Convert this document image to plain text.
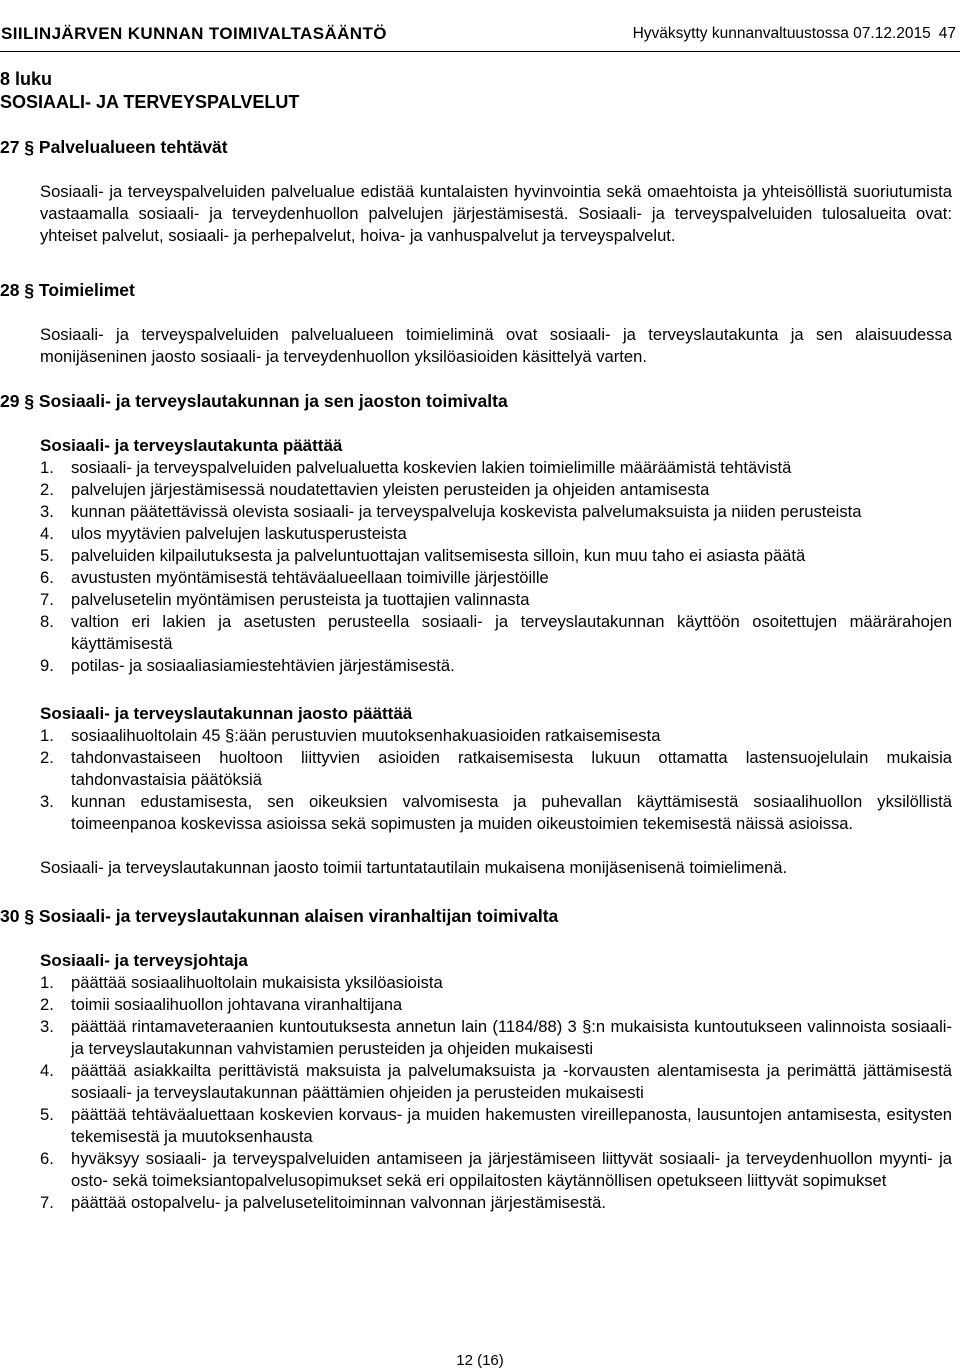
SIILINJÄRVEN KUNNAN TOIMIVALTASÄÄNTÖ	Hyväksytty kunnanvaltuustossa 07.12.2015 47
8 luku
SOSIAALI- JA TERVEYSPALVELUT
27 § Palvelualueen tehtävät

Sosiaali- ja terveyspalveluiden palvelualue edistää kuntalaisten hyvinvointia sekä omaehtoista ja yhteisöllistä suoriutumista vastaamalla sosiaali- ja terveydenhuollon palvelujen järjestämisestä. Sosiaali- ja terveyspalveluiden tulosalueita ovat: yhteiset palvelut, sosiaali- ja perhepalvelut, hoiva- ja vanhuspalvelut ja terveyspalvelut.

28 § Toimielimet

Sosiaali- ja terveyspalveluiden palvelualueen toimieliminä ovat sosiaali- ja terveyslautakunta ja sen alaisuudessa monijäseninen jaosto sosiaali- ja terveydenhuollon yksilöasioiden käsittelyä varten.

29 § Sosiaali- ja terveyslautakunnan ja sen jaoston toimivalta
Sosiaali- ja terveyslautakunta päättää
1.	sosiaali- ja terveyspalveluiden palvelualuetta koskevien lakien toimielimille määräämistä tehtävistä
2.	palvelujen järjestämisessä noudatettavien yleisten perusteiden ja ohjeiden antamisesta
3.	kunnan päätettävissä olevista sosiaali- ja terveyspalveluja koskevista palvelumaksuista ja niiden perusteista
4.	ulos myytävien palvelujen laskutusperusteista
5.	palveluiden kilpailutuksesta ja palveluntuottajan valitsemisesta silloin, kun muu taho ei asiasta päätä
6.	avustusten myöntämisestä tehtäväalueellaan toimiville järjestöille
7.	palvelusetelin myöntämisen perusteista ja tuottajien valinnasta
8.	valtion eri lakien ja asetusten perusteella sosiaali- ja terveyslautakunnan käyttöön osoitettujen määrärahojen käyttämisestä
9.	potilas- ja sosiaaliasiamiestehtävien järjestämisestä.
Sosiaali- ja terveyslautakunnan jaosto päättää
1.	sosiaalihuoltolain 45 §:ään perustuvien muutoksenhakuasioiden ratkaisemisesta
2.	tahdonvastaiseen huoltoon liittyvien asioiden ratkaisemisesta lukuun ottamatta lastensuojelulain mukaisia tahdonvastaisia päätöksiä
3.	kunnan edustamisesta, sen oikeuksien valvomisesta ja puhevallan käyttämisestä sosiaalihuollon yksilöllistä toimeenpanoa koskevissa asioissa sekä sopimusten ja muiden oikeustoimien tekemisestä näissä asioissa.

Sosiaali- ja terveyslautakunnan jaosto toimii tartuntatautilain mukaisena monijäsenisenä toimielimenä.

30 § Sosiaali- ja terveyslautakunnan alaisen viranhaltijan toimivalta
Sosiaali- ja terveysjohtaja
1.	päättää sosiaalihuoltolain mukaisista yksilöasioista
2.	toimii sosiaalihuollon johtavana viranhaltijana
3.	päättää rintamaveteraanien kuntoutuksesta annetun lain (1184/88) 3 §:n mukaisista kuntoutukseen valinnoista sosiaali- ja terveyslautakunnan vahvistamien perusteiden ja ohjeiden mukaisesti
4.	päättää asiakkailta perittävistä maksuista ja palvelumaksuista ja -korvausten alentamisesta ja perimättä jättämisestä sosiaali- ja terveyslautakunnan päättämien ohjeiden ja perusteiden mukaisesti
5.	päättää tehtäväaluettaan koskevien korvaus- ja muiden hakemusten vireillepanosta, lausuntojen antamisesta, esitysten tekemisestä ja muutoksenhausta
6.	hyväksyy sosiaali- ja terveyspalveluiden antamiseen ja järjestämiseen liittyvät sosiaali- ja terveydenhuollon myynti- ja osto- sekä toimeksiantopalvelusopimukset sekä eri oppilaitosten käytännöllisen opetukseen liittyvät sopimukset
7.	päättää ostopalvelu- ja palvelusetelitoiminnan valvonnan järjestämisestä.
12 (16)
